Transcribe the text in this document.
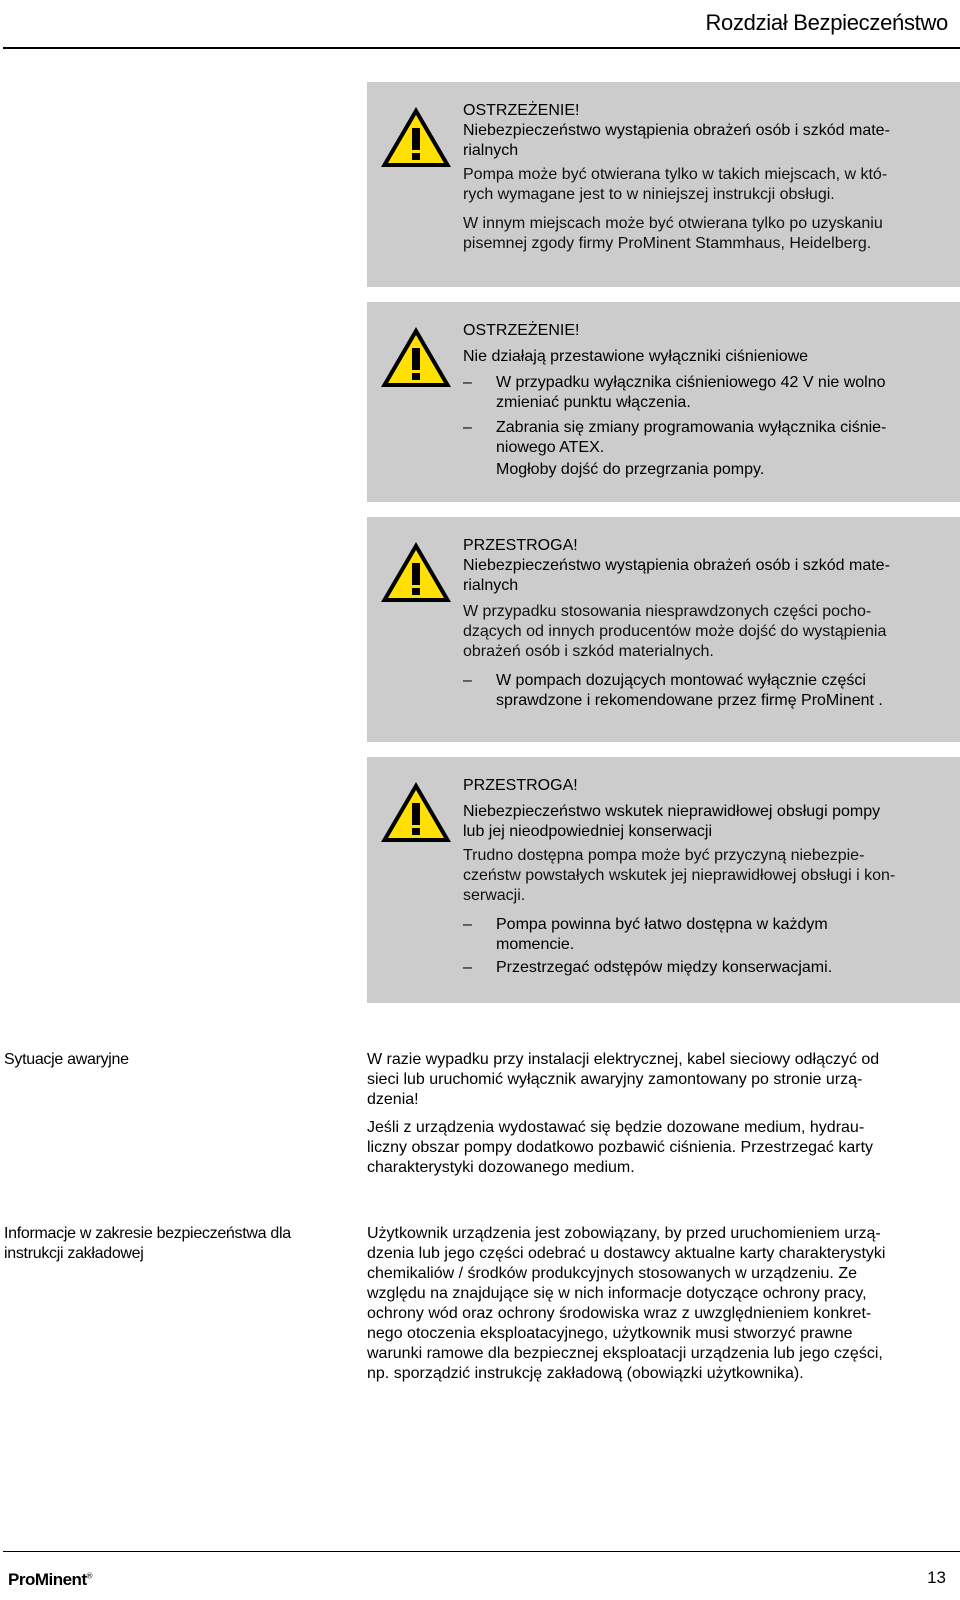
Rozdział Bezpieczeństwo
OSTRZEŻENIE!
Niebezpieczeństwo wystąpienia obrażeń osób i szkód mate-
rialnych
Pompa może być otwierana tylko w takich miejscach, w któ-
rych wymagane jest to w niniejszej instrukcji obsługi.
W innym miejscach może być otwierana tylko po uzyskaniu
pisemnej zgody firmy ProMinent Stammhaus, Heidelberg.
OSTRZEŻENIE!
Nie działają przestawione wyłączniki ciśnieniowe
– W przypadku wyłącznika ciśnieniowego 42 V nie wolno
zmieniać punktu włączenia.
– Zabrania się zmiany programowania wyłącznika ciśnie-
niowego ATEX.
Mogłoby dojść do przegrzania pompy.
PRZESTROGA!
Niebezpieczeństwo wystąpienia obrażeń osób i szkód mate-
rialnych
W przypadku stosowania niesprawdzonych części pocho-
dzących od innych producentów może dojść do wystąpienia
obrażeń osób i szkód materialnych.
– W pompach dozujących montować wyłącznie części
sprawdzone i rekomendowane przez firmę ProMinent .
PRZESTROGA!
Niebezpieczeństwo wskutek nieprawidłowej obsługi pompy
lub jej nieodpowiedniej konserwacji
Trudno dostępna pompa może być przyczyną niebezpie-
czeństw powstałych wskutek jej nieprawidłowej obsługi i kon-
serwacji.
– Pompa powinna być łatwo dostępna w każdym
momencie.
– Przestrzegać odstępów między konserwacjami.
Sytuacje awaryjne	W razie wypadku przy instalacji elektrycznej, kabel sieciowy odłączyć od
sieci lub uruchomić wyłącznik awaryjny zamontowany po stronie urzą-
dzenia!

Jeśli z urządzenia wydostawać się będzie dozowane medium, hydrau-
liczny obszar pompy dodatkowo pozbawić ciśnienia. Przestrzegać karty
charakterystyki dozowanego medium.

Informacje w zakresie bezpieczeństwa dla
instrukcji zakładowej

Użytkownik urządzenia jest zobowiązany, by przed uruchomieniem urzą-
dzenia lub jego części odebrać u dostawcy aktualne karty charakterystyki
chemikaliów / środków produkcyjnych stosowanych w urządzeniu. Ze
względu na znajdujące się w nich informacje dotyczące ochrony pracy,
ochrony wód oraz ochrony środowiska wraz z uwzględnieniem konkret-
nego otoczenia eksploatacyjnego, użytkownik musi stworzyć prawne
warunki ramowe dla bezpiecznej eksploatacji urządzenia lub jego części,
np. sporządzić instrukcję zakładową (obowiązki użytkownika).

ProMinent®	13
